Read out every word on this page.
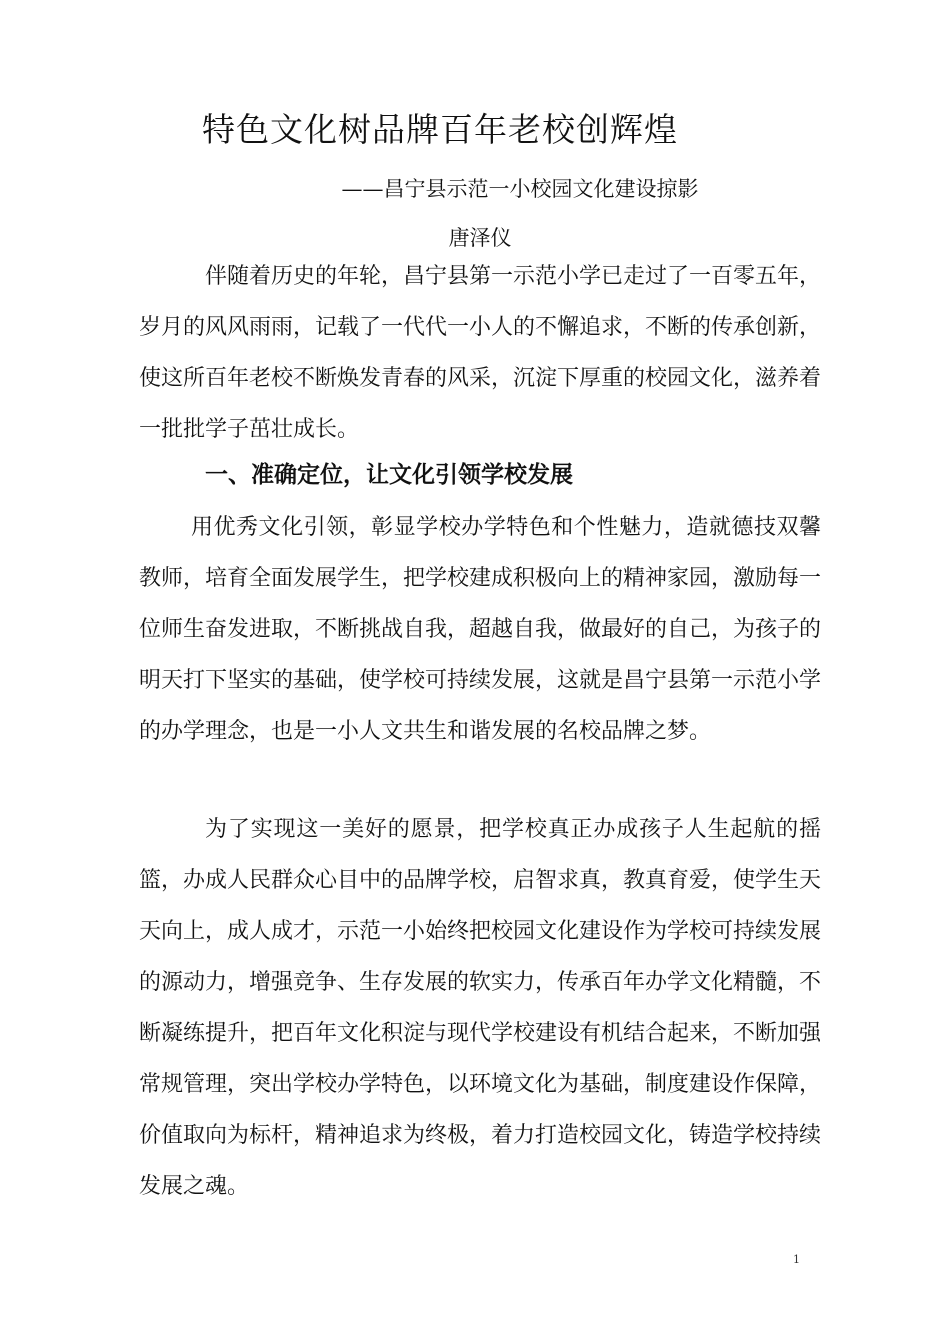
特色文化树品牌百年老校创辉煌
——昌宁县示范一小校园文化建设掠影
唐泽仪

伴随着历史的年轮，昌宁县第一示范小学已走过了一百零五年，岁月的风风雨雨，记载了一代代一小人的不懈追求，不断的传承创新，使这所百年老校不断焕发青春的风采，沉淀下厚重的校园文化，滋养着一批批学子茁壮成长。

一、准确定位，让文化引领学校发展

用优秀文化引领，彰显学校办学特色和个性魅力，造就德技双馨教师，培育全面发展学生，把学校建成积极向上的精神家园，激励每一位师生奋发进取，不断挑战自我，超越自我，做最好的自己，为孩子的明天打下坚实的基础，使学校可持续发展，这就是昌宁县第一示范小学的办学理念，也是一小人文共生和谐发展的名校品牌之梦。

为了实现这一美好的愿景，把学校真正办成孩子人生起航的摇篮，办成人民群众心目中的品牌学校，启智求真，教真育爱，使学生天天向上，成人成才，示范一小始终把校园文化建设作为学校可持续发展的源动力，增强竞争、生存发展的软实力，传承百年办学文化精髓，不断凝练提升，把百年文化积淀与现代学校建设有机结合起来，不断加强常规管理，突出学校办学特色，以环境文化为基础，制度建设作保障，价值取向为标杆，精神追求为终极，着力打造校园文化，铸造学校持续发展之魂。

1
